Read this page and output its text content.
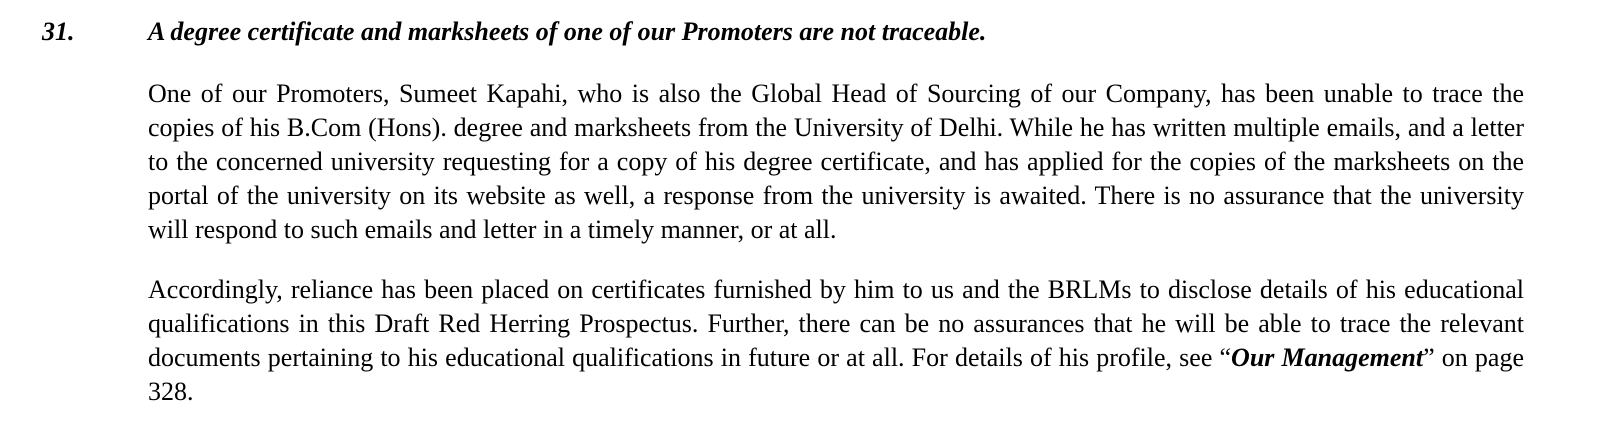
31.	A degree certificate and marksheets of one of our Promoters are not traceable.

One of our Promoters, Sumeet Kapahi, who is also the Global Head of Sourcing of our Company, has been unable to trace the copies of his B.Com (Hons). degree and marksheets from the University of Delhi. While he has written multiple emails, and a letter to the concerned university requesting for a copy of his degree certificate, and has applied for the copies of the marksheets on the portal of the university on its website as well, a response from the university is awaited. There is no assurance that the university will respond to such emails and letter in a timely manner, or at all.

Accordingly, reliance has been placed on certificates furnished by him to us and the BRLMs to disclose details of his educational qualifications in this Draft Red Herring Prospectus. Further, there can be no assurances that he will be able to trace the relevant documents pertaining to his educational qualifications in future or at all. For details of his profile, see “Our Management” on page 328.
